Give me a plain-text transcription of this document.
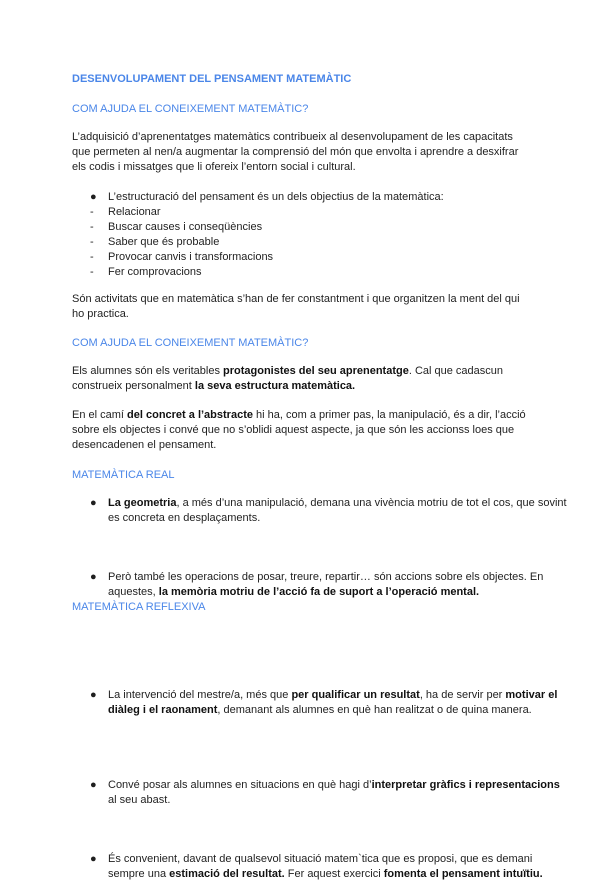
DESENVOLUPAMENT DEL PENSAMENT MATEMÀTIC
COM AJUDA EL CONEIXEMENT MATEMÀTIC?

L’adquisició d’aprenentatges matemàtics contribueix al desenvolupament de les capacitats que permeten al nen/a augmentar la comprensió del món que envolta i aprendre a desxifrar els codis i missatges que li ofereix l’entorn social i cultural.

●	L’estructuració del pensament és un dels objectius de la matemàtica:
-	Relacionar
-	Buscar causes i conseqüències
-	Saber que és probable
-	Provocar canvis i transformacions
-	Fer comprovacions

Són activitats que en matemàtica s’han de fer constantment i que organitzen la ment del qui ho practica.

COM AJUDA EL CONEIXEMENT MATEMÀTIC?

Els alumnes són els veritables protagonistes del seu aprenentatge. Cal que cadascun construeix personalment la seva estructura matemàtica.

En el camí del concret a l’abstracte hi ha, com a primer pas, la manipulació, és a dir, l’acció sobre els objectes i convé que no s’oblidi aquest aspecte, ja que són les accionss loes que desencadenen el pensament.

MATEMÀTICA REAL
●	La geometria, a més d’una manipulació, demana una vivència motriu de tot el cos, que sovint es concreta en desplaçaments.
●	Però també les operacions de posar, treure, repartir… són accions sobre els objectes. En aquestes, la memòria motriu de l’acció fa de suport a l’operació mental.
MATEMÀTICA REFLEXIVA
●	La intervenció del mestre/a, més que per qualificar un resultat, ha de servir per motivar el diàleg i el raonament, demanant als alumnes en què han realitzat o de quina manera.
●	Convé posar als alumnes en situacions en què hagi d’interpretar gràfics i representacions al seu abast.
●	És convenient, davant de qualsevol situació matem`tica que es proposi, que es demani sempre una estimació del resultat. Fer aquest exercici fomenta el pensament intuïtiu.
